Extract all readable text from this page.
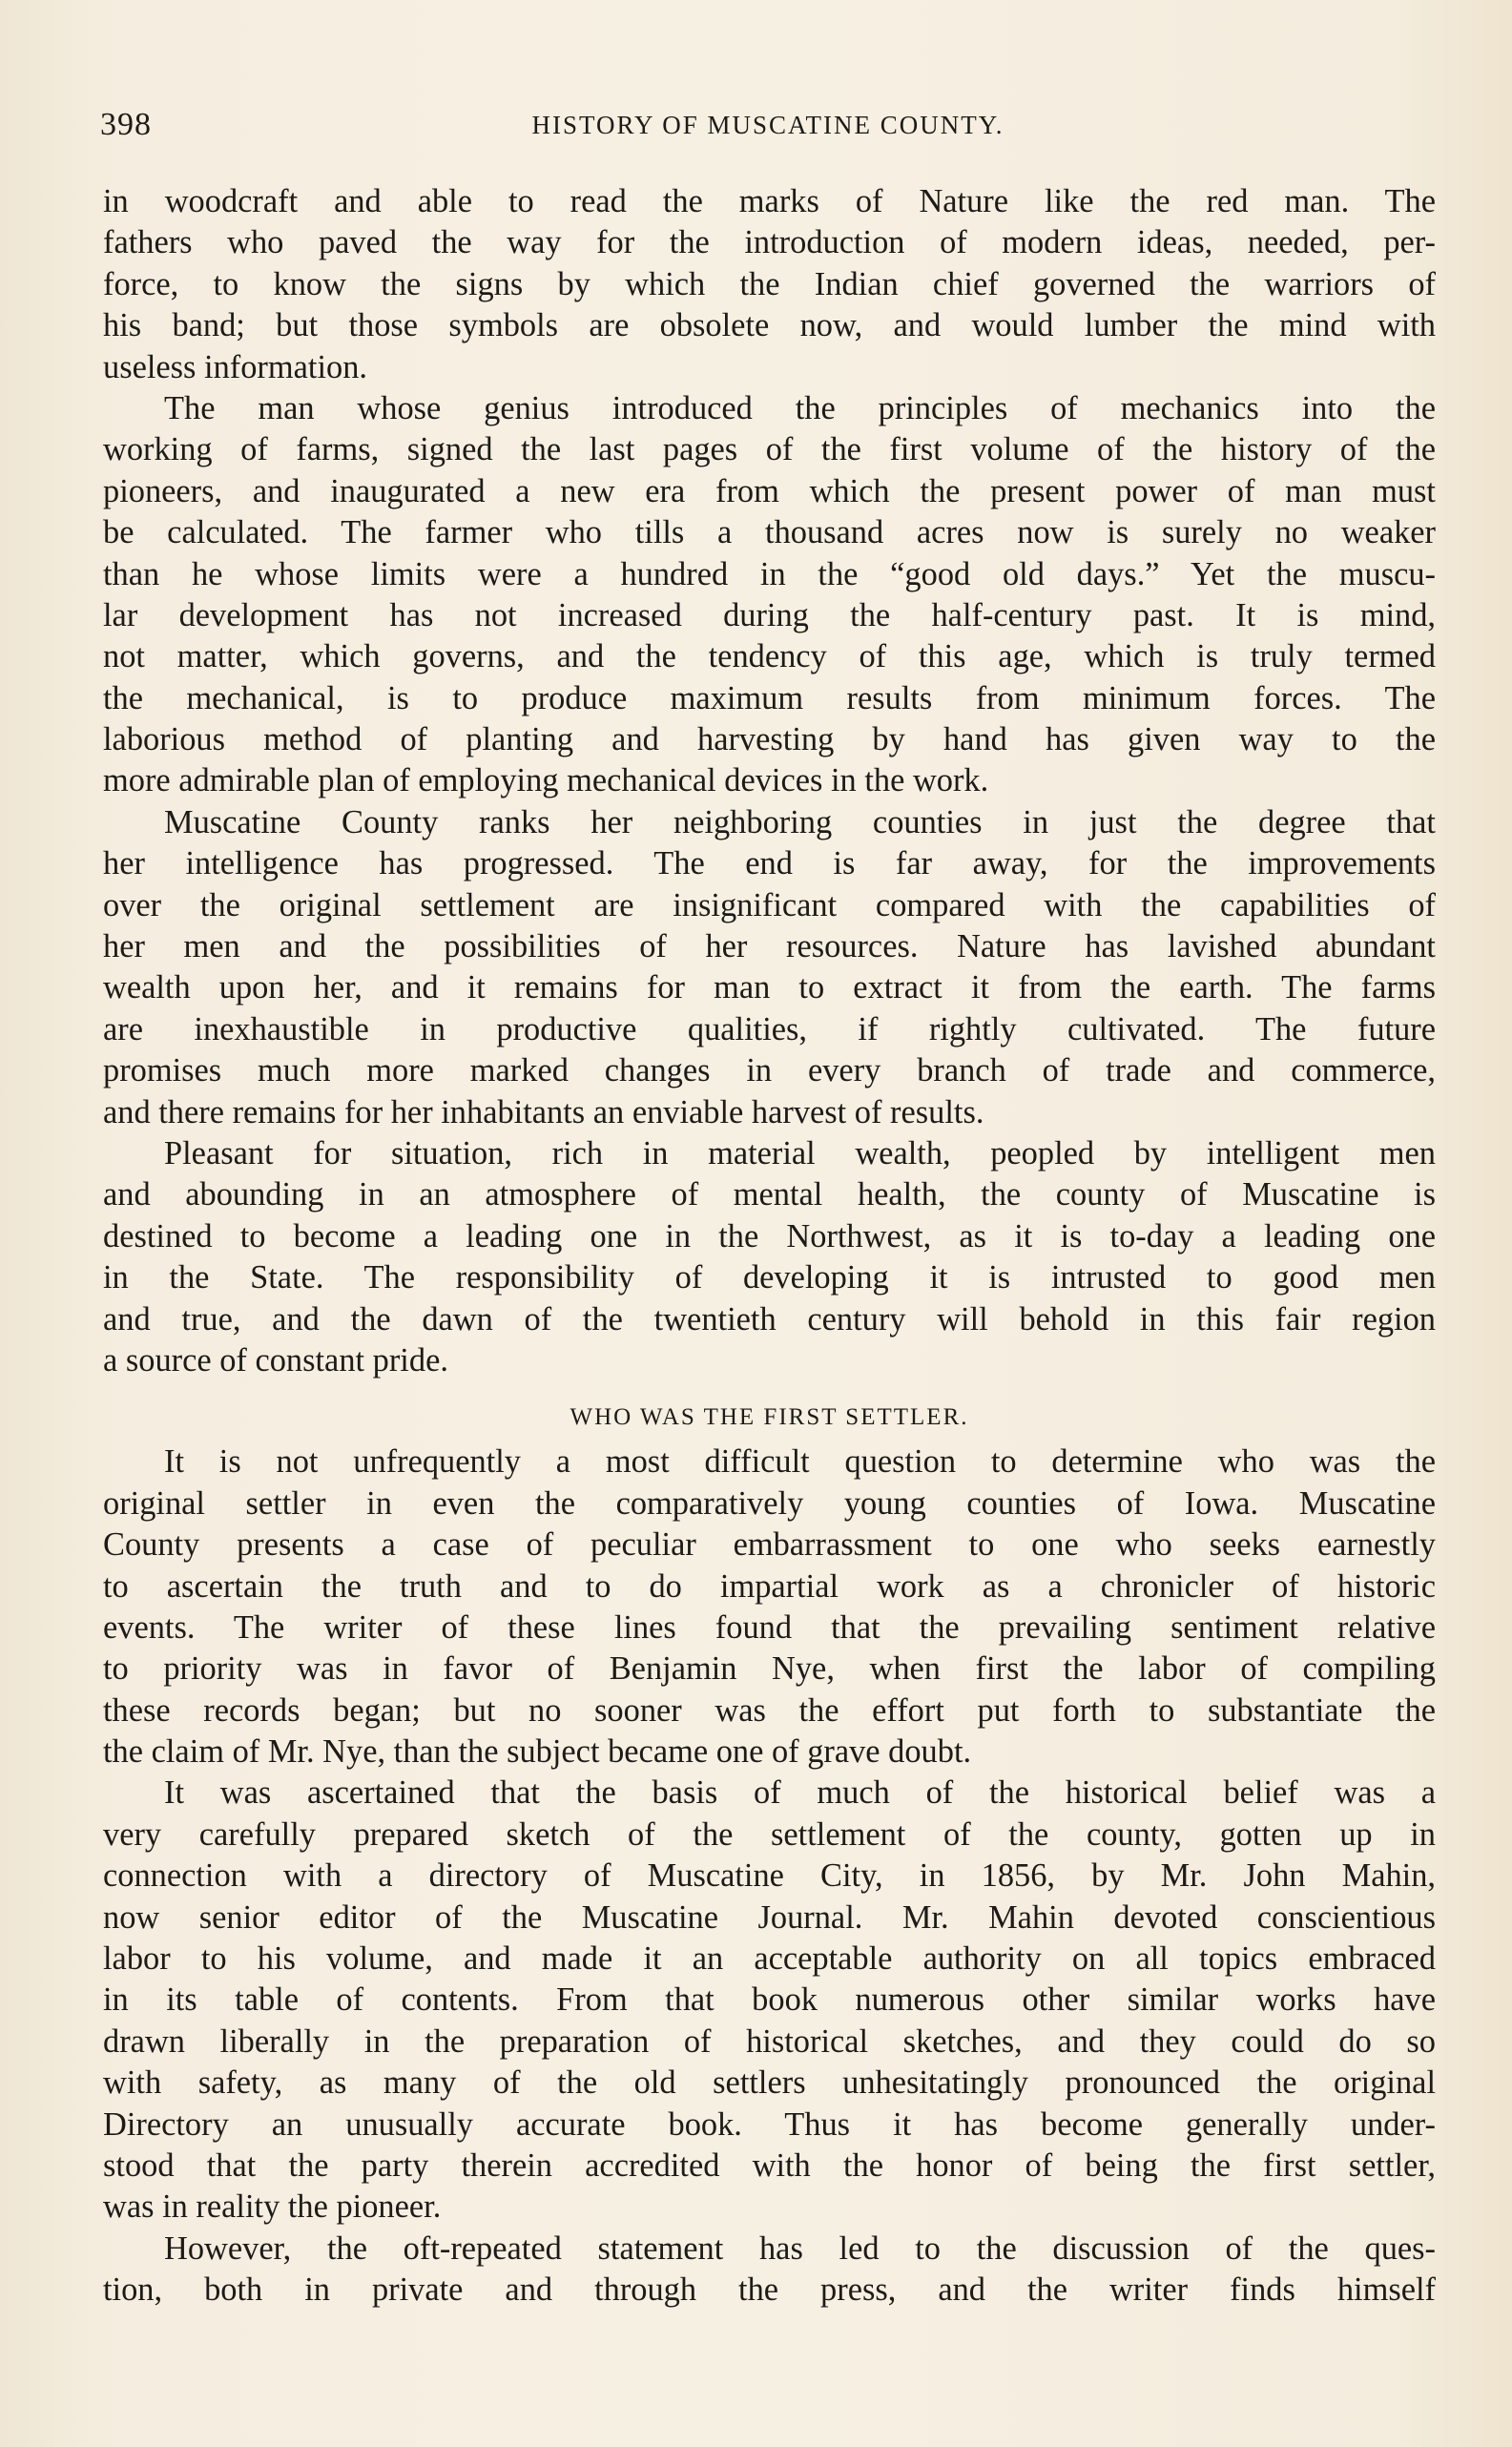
398	HISTORY OF MUSCATINE COUNTY.
in woodcraft and able to read the marks of Nature like the red man. The
fathers who paved the way for the introduction of modern ideas, needed, per-
force, to know the signs by which the Indian chief governed the warriors of
his band; but those symbols are obsolete now, and would lumber the mind with
useless information.
The man whose genius introduced the principles of mechanics into the
working of farms, signed the last pages of the first volume of the history of the
pioneers, and inaugurated a new era from which the present power of man must
be calculated. The farmer who tills a thousand acres now is surely no weaker
than he whose limits were a hundred in the “good old days.” Yet the muscu-
lar development has not increased during the half-century past. It is mind,
not matter, which governs, and the tendency of this age, which is truly termed
the mechanical, is to produce maximum results from minimum forces. The
laborious method of planting and harvesting by hand has given way to the
more admirable plan of employing mechanical devices in the work.
Muscatine County ranks her neighboring counties in just the degree that
her intelligence has progressed. The end is far away, for the improvements
over the original settlement are insignificant compared with the capabilities of
her men and the possibilities of her resources. Nature has lavished abundant
wealth upon her, and it remains for man to extract it from the earth. The farms
are inexhaustible in productive qualities, if rightly cultivated. The future
promises much more marked changes in every branch of trade and commerce,
and there remains for her inhabitants an enviable harvest of results.
Pleasant for situation, rich in material wealth, peopled by intelligent men
and abounding in an atmosphere of mental health, the county of Muscatine is
destined to become a leading one in the Northwest, as it is to-day a leading one
in the State. The responsibility of developing it is intrusted to good men
and true, and the dawn of the twentieth century will behold in this fair region
a source of constant pride.
WHO WAS THE FIRST SETTLER.
It is not unfrequently a most difficult question to determine who was the
original settler in even the comparatively young counties of Iowa. Muscatine
County presents a case of peculiar embarrassment to one who seeks earnestly
to ascertain the truth and to do impartial work as a chronicler of historic
events. The writer of these lines found that the prevailing sentiment relative
to priority was in favor of Benjamin Nye, when first the labor of compiling
these records began; but no sooner was the effort put forth to substantiate the
the claim of Mr. Nye, than the subject became one of grave doubt.
It was ascertained that the basis of much of the historical belief was a
very carefully prepared sketch of the settlement of the county, gotten up in
connection with a directory of Muscatine City, in 1856, by Mr. John Mahin,
now senior editor of the Muscatine Journal. Mr. Mahin devoted conscientious
labor to his volume, and made it an acceptable authority on all topics embraced
in its table of contents. From that book numerous other similar works have
drawn liberally in the preparation of historical sketches, and they could do so
with safety, as many of the old settlers unhesitatingly pronounced the original
Directory an unusually accurate book. Thus it has become generally under-
stood that the party therein accredited with the honor of being the first settler,
was in reality the pioneer.
However, the oft-repeated statement has led to the discussion of the ques-
tion, both in private and through the press, and the writer finds himself
